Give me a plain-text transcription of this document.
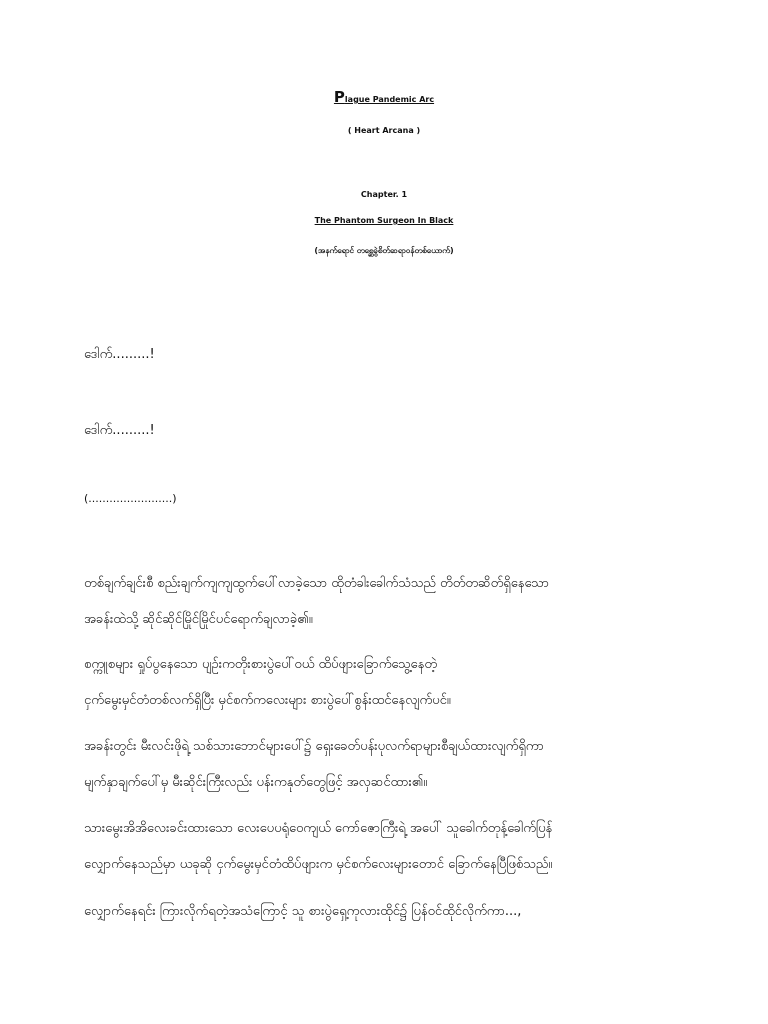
Plague Pandemic Arc
( Heart Arcana )
Chapter. 1
The Phantom Surgeon In Black
(အနက်ရောင် တစ္ဆေခွဲစိတ်ဆရာဝန်တစ်ယောက်)
ဒေါက်.........!
ဒေါက်.........!
(........................)
တစ်ချက်ချင်းစီ စည်းချက်ကျကျထွက်ပေါ်လာခဲ့သော ထိုတံခါးခေါက်သံသည် တိတ်တဆိတ်ရှိနေသော
အခန်းထဲသို့ ဆိုင်ဆိုင်မြိုင်မြိုင်ပင်ရောက်ချလာခဲ့၏။
စက္ကူစများ ရှုပ်ပွနေသော ပျဉ်းကတိုးစားပွဲပေါ်ဝယ် ထိပ်ဖျားခြောက်သွေ့နေတဲ့
ငှက်မွေးမှင်တံတစ်လက်ရှိပြီး မှင်စက်ကလေးများ စားပွဲပေါ်စွန်းထင်နေလျက်ပင်။
အခန်းတွင်း မီးလင်းဖိုရဲ့ သစ်သားဘောင်များပေါ်၌ ရှေးခေတ်ပန်းပုလက်ရာများစီချယ်ထားလျက်ရှိကာ
မျက်နှာချက်ပေါ်မှ မီးဆိုင်းကြီးလည်း ပန်းကနုတ်တွေဖြင့် အလှဆင်ထား၏။
သားမွေးအိအိလေးခင်းထားသော လေးပေပရုံဝေကျယ် ကော်ဇောကြီးရဲ့ အပေါ် သူခေါက်တုန့်ခေါက်ပြန်
လျှောက်နေသည်မှာ ယခုဆို ငှက်မွေးမှင်တံထိပ်ဖျားက မှင်စက်လေးများတောင် ခြောက်နေပြီဖြစ်သည်။
လျှောက်နေရင်း ကြားလိုက်ရတဲ့အသံကြောင့် သူ စားပွဲရှေ့ကုလားထိုင်၌ ပြန်ဝင်ထိုင်လိုက်ကာ...,
